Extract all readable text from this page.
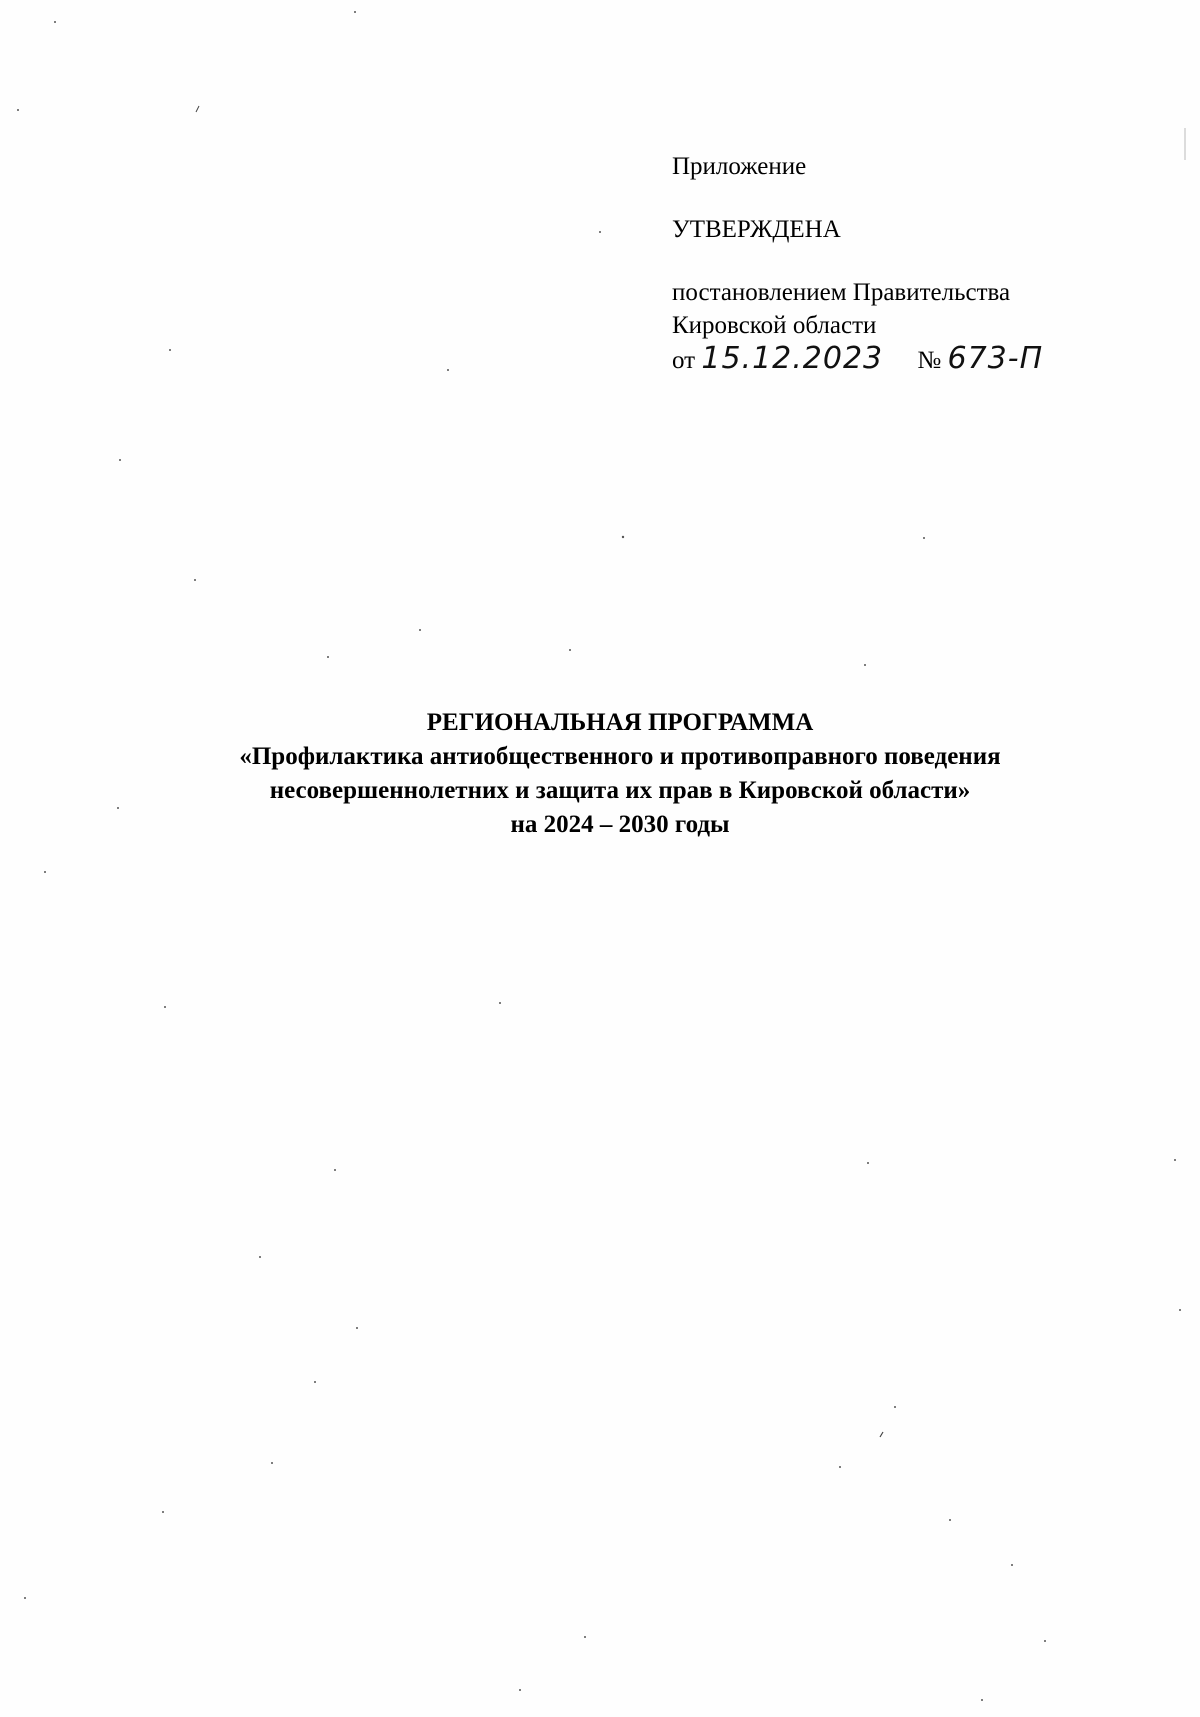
Приложение
УТВЕРЖДЕНА
постановлением Правительства
Кировской области
от 15.12.2023 № 673-П
РЕГИОНАЛЬНАЯ ПРОГРАММА
«Профилактика антиобщественного и противоправного поведения
несовершеннолетних и защита их прав в Кировской области»
на 2024 – 2030 годы
